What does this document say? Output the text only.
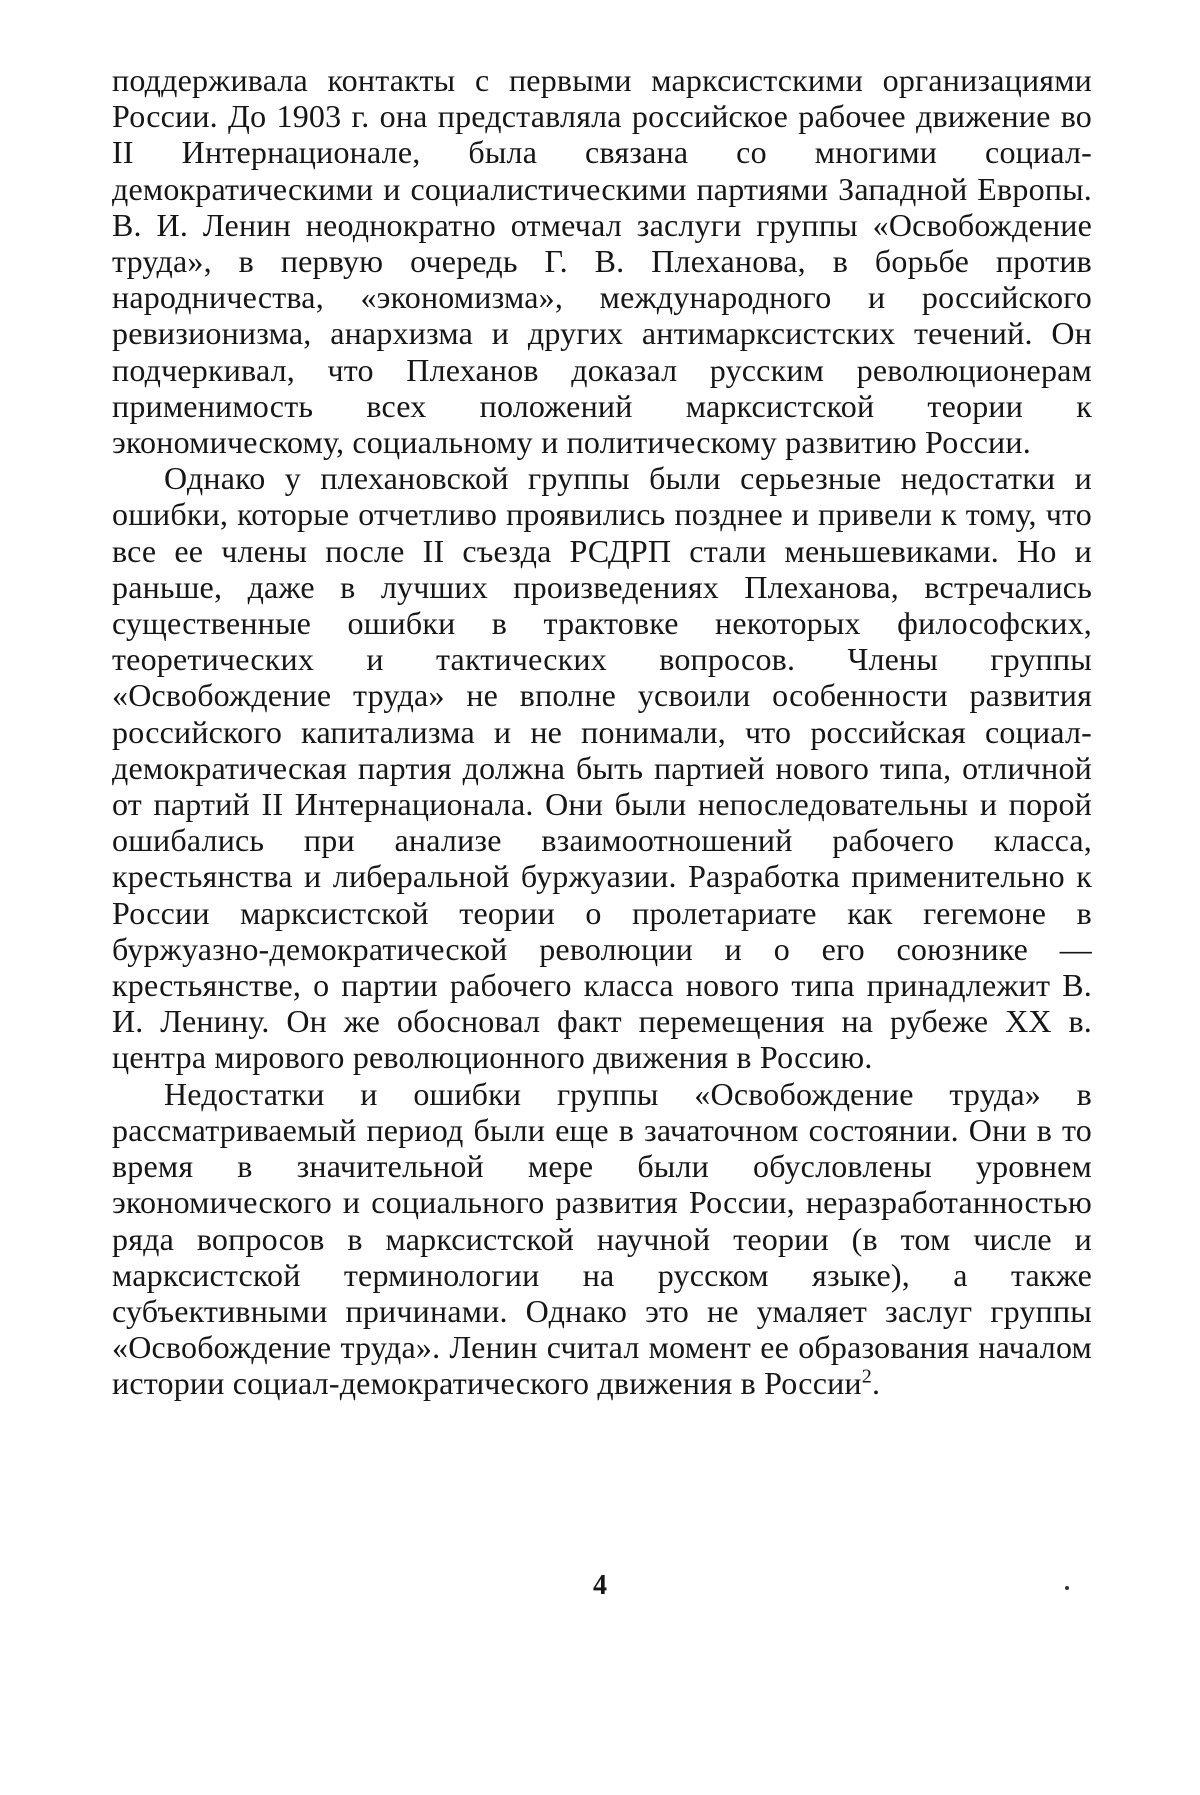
поддерживала контакты с первыми марксистскими организациями России. До 1903 г. она представляла российское рабочее движение во II Интернационале, была связана со многими социал-демократическими и социалистическими партиями Западной Европы. В. И. Ленин неоднократно отмечал заслуги группы «Освобождение труда», в первую очередь Г. В. Плеханова, в борьбе против народничества, «экономизма», международного и российского ревизионизма, анархизма и других антимарксистских течений. Он подчеркивал, что Плеханов доказал русским революционерам применимость всех положений марксистской теории к экономическому, социальному и политическому развитию России.

Однако у плехановской группы были серьезные недостатки и ошибки, которые отчетливо проявились позднее и привели к тому, что все ее члены после II съезда РСДРП стали меньшевиками. Но и раньше, даже в лучших произведениях Плеханова, встречались существенные ошибки в трактовке некоторых философских, теоретических и тактических вопросов. Члены группы «Освобождение труда» не вполне усвоили особенности развития российского капитализма и не понимали, что российская социал-демократическая партия должна быть партией нового типа, отличной от партий II Интернационала. Они были непоследовательны и порой ошибались при анализе взаимоотношений рабочего класса, крестьянства и либеральной буржуазии. Разработка применительно к России марксистской теории о пролетариате как гегемоне в буржуазно-демократической революции и о его союзнике — крестьянстве, о партии рабочего класса нового типа принадлежит В. И. Ленину. Он же обосновал факт перемещения на рубеже XX в. центра мирового революционного движения в Россию.

Недостатки и ошибки группы «Освобождение труда» в рассматриваемый период были еще в зачаточном состоянии. Они в то время в значительной мере были обусловлены уровнем экономического и социального развития России, неразработанностью ряда вопросов в марксистской научной теории (в том числе и марксистской терминологии на русском языке), а также субъективными причинами. Однако это не умаляет заслуг группы «Освобождение труда». Ленин считал момент ее образования началом истории социал-демократического движения в России$^2$.

4
